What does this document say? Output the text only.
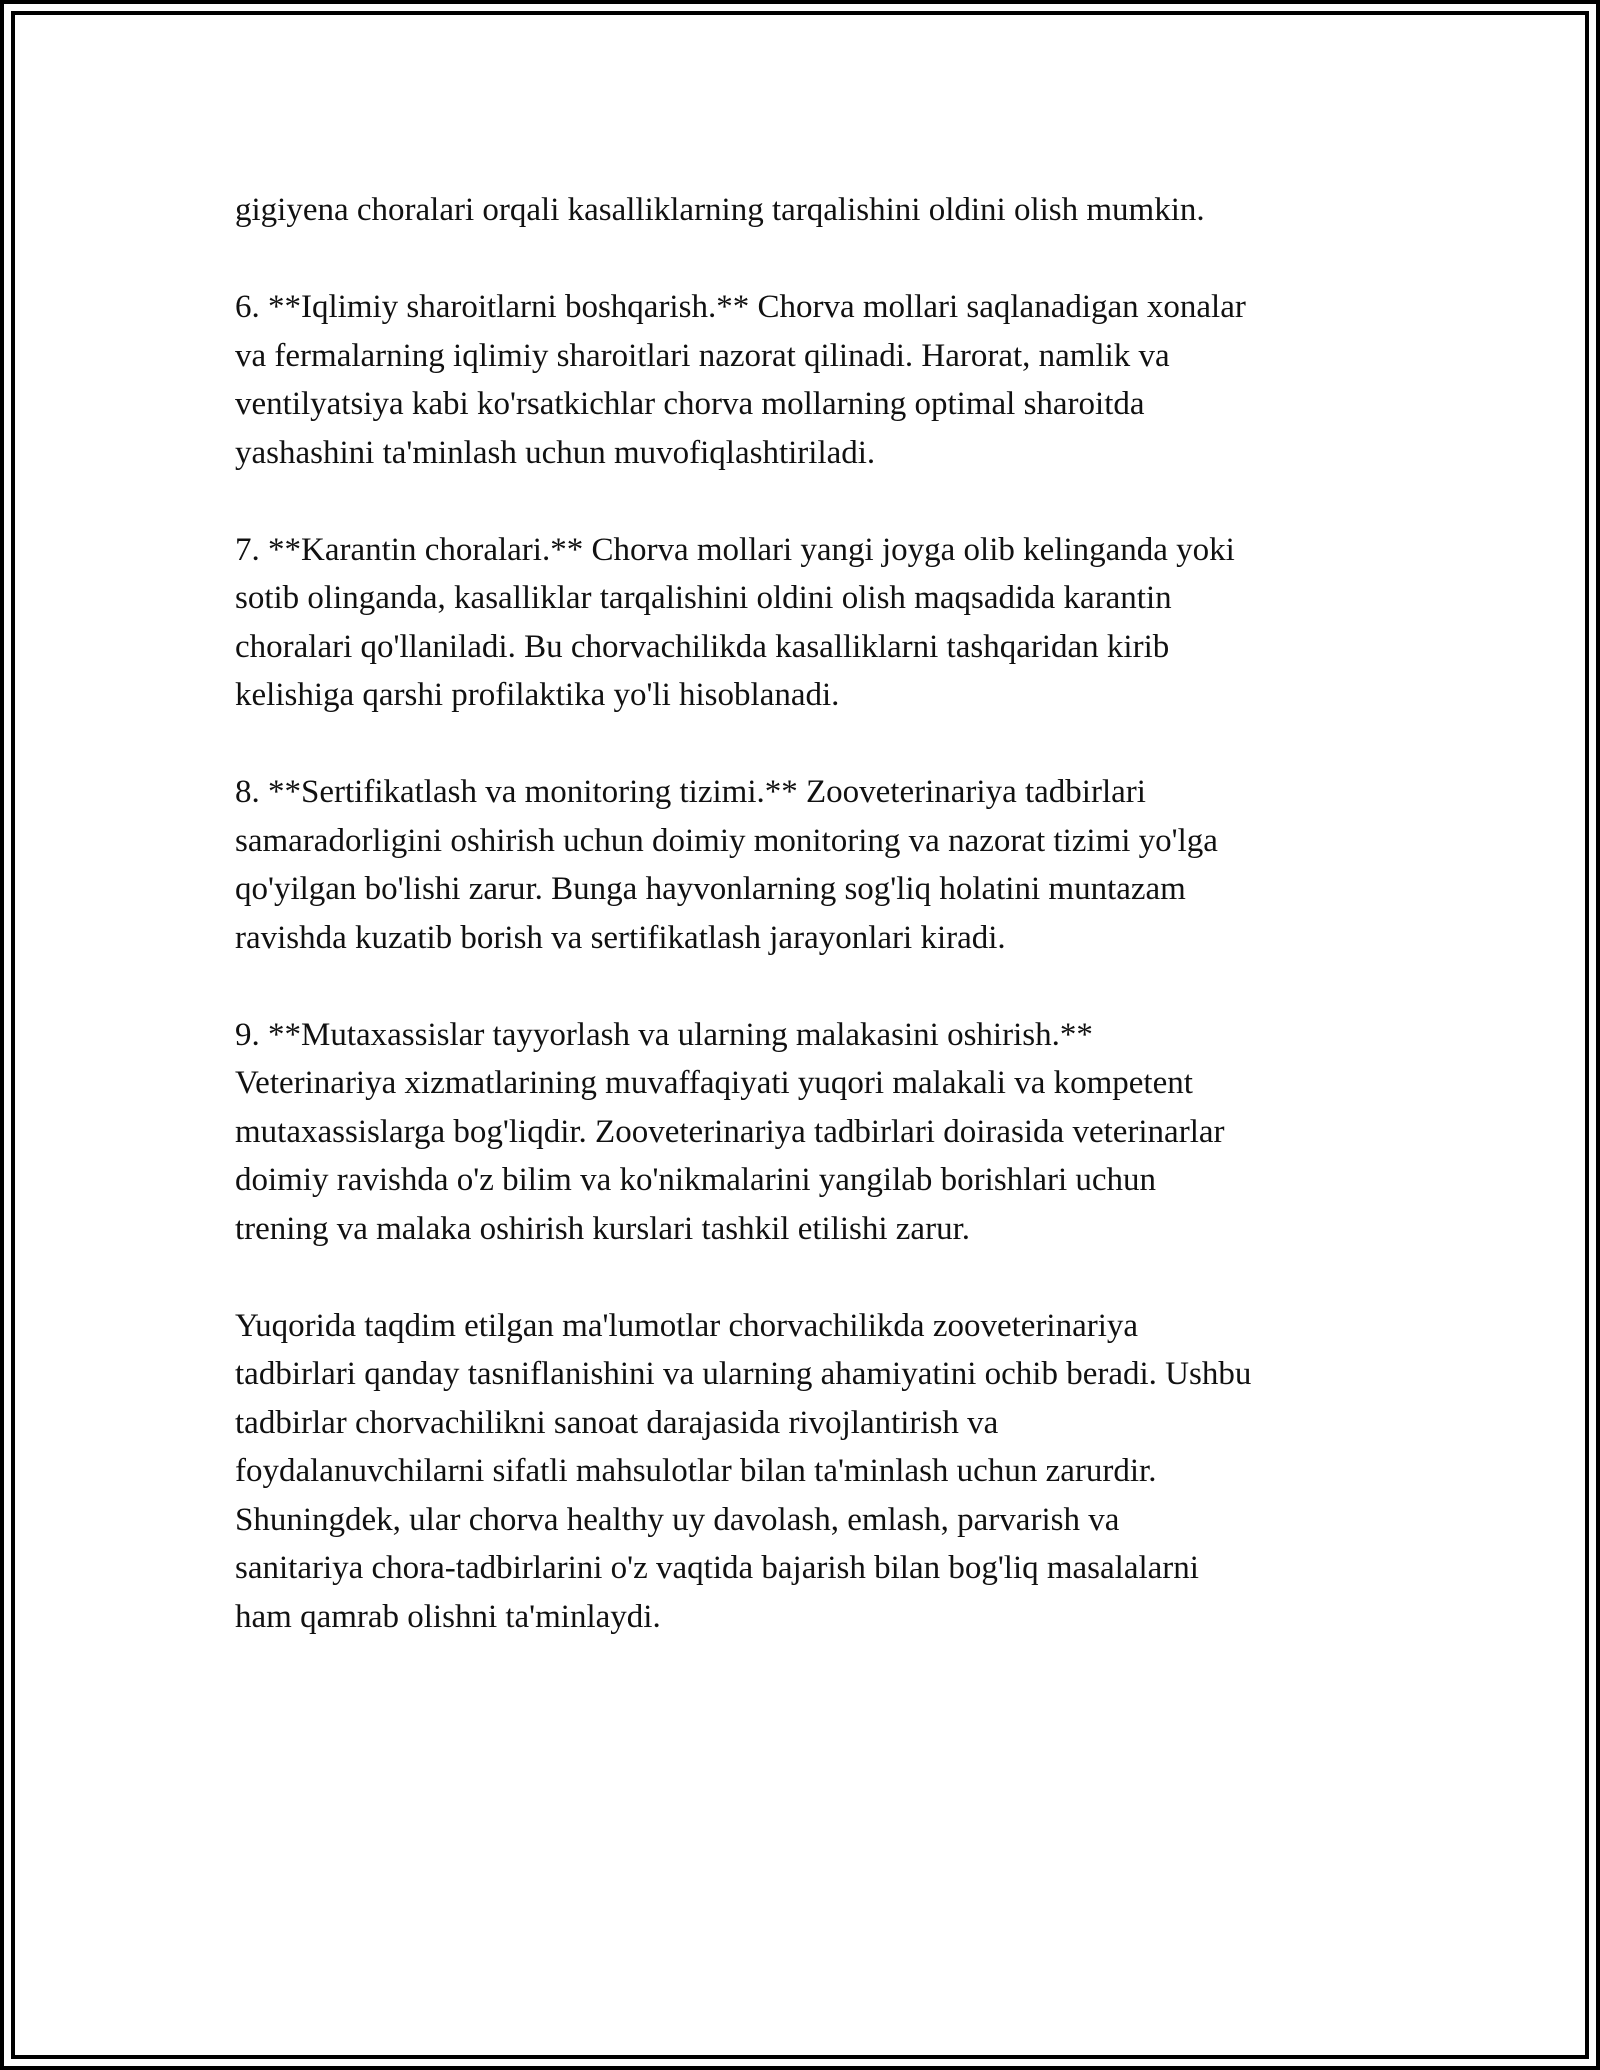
gigiyena choralari orqali kasalliklarning tarqalishini oldini olish mumkin.

6. **Iqlimiy sharoitlarni boshqarish.** Chorva mollari saqlanadigan xonalar
va fermalarning iqlimiy sharoitlari nazorat qilinadi. Harorat, namlik va
ventilyatsiya kabi ko'rsatkichlar chorva mollarning optimal sharoitda
yashashini ta'minlash uchun muvofiqlashtiriladi.

7. **Karantin choralari.** Chorva mollari yangi joyga olib kelinganda yoki
sotib olinganda, kasalliklar tarqalishini oldini olish maqsadida karantin
choralari qo'llaniladi. Bu chorvachilikda kasalliklarni tashqaridan kirib
kelishiga qarshi profilaktika yo'li hisoblanadi.

8. **Sertifikatlash va monitoring tizimi.** Zooveterinariya tadbirlari
samaradorligini oshirish uchun doimiy monitoring va nazorat tizimi yo'lga
qo'yilgan bo'lishi zarur. Bunga hayvonlarning sog'liq holatini muntazam
ravishda kuzatib borish va sertifikatlash jarayonlari kiradi.

9. **Mutaxassislar tayyorlash va ularning malakasini oshirish.**
Veterinariya xizmatlarining muvaffaqiyati yuqori malakali va kompetent
mutaxassislarga bog'liqdir. Zooveterinariya tadbirlari doirasida veterinarlar
doimiy ravishda o'z bilim va ko'nikmalarini yangilab borishlari uchun
trening va malaka oshirish kurslari tashkil etilishi zarur.

Yuqorida taqdim etilgan ma'lumotlar chorvachilikda zooveterinariya
tadbirlari qanday tasniflanishini va ularning ahamiyatini ochib beradi. Ushbu
tadbirlar chorvachilikni sanoat darajasida rivojlantirish va
foydalanuvchilarni sifatli mahsulotlar bilan ta'minlash uchun zarurdir.
Shuningdek, ular chorva healthy uy davolash, emlash, parvarish va
sanitariya chora-tadbirlarini o'z vaqtida bajarish bilan bog'liq masalalarni
ham qamrab olishni ta'minlaydi.
